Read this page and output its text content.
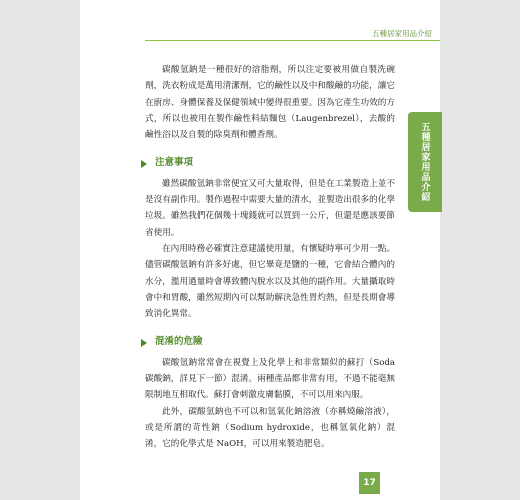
五種居家用品介紹
五種居家用品介紹

碳酸氫鈉是一種很好的溶脂劑，所以注定要被用做自製洗碗劑，洗衣粉成是萬用清潔劑，它的鹼性以及中和酸鹼的功能，讓它在廚房、身體保養及保健領域中變得很重要。因為它產生功效的方式，所以也被用在製作鹼性料結麵包（Laugenbrezel），去酸的鹼性浴以及自製的除臭劑和體香劑。

注意事項

雖然碳酸氫鈉非常便宜又可大量取得，但是在工業製造上並不是沒有副作用。製作過程中需要大量的清水，並製造出很多的化學垃圾。雖然我們花個幾十塊錢就可以買到一公斤，但還是應該要節省使用。

在內用時務必確實注意建議使用量，有懷疑時寧可少用一點。儘管碳酸氫鈉有許多好處，但它畢竟是鹽的一種，它會結合體內的水分，濫用過量時會導致體內脫水以及其他的副作用。大量攝取時會中和胃酸，雖然短期內可以幫助解決急性胃灼熱，但是長期會導致消化異常。

混淆的危險

碳酸氫鈉常常會在視覺上及化學上和非常類似的蘇打（Soda 碳酸鈉，詳見下一節）混淆。兩種產品都非常有用，不過不能毫無限制地互相取代。蘇打會刺激皮膚黏膜，不可以用來內服。

此外，碳酸氫鈉也不可以和氫氧化鈉溶液（亦稱燒鹼溶液），或是所謂的苛性鈉（Sodium hydroxide，也稱氫氧化鈉）混淆，它的化學式是 NaOH，可以用來製造肥皂。

17
